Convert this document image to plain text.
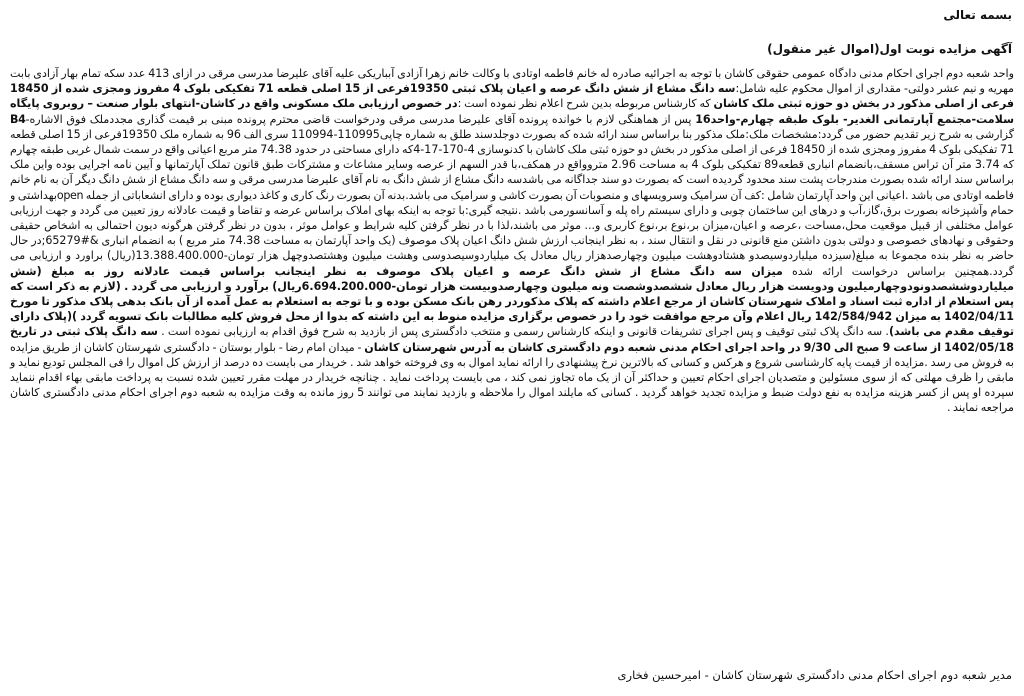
بسمه تعالی
آگهی مزایده نوبت اول(اموال غیر منقول)

واحد شعبه دوم اجرای احکام مدنی دادگاه عمومی حقوقی کاشان با توجه به اجرائیه صادره له خانم فاطمه اوتادی با وکالت خانم زهرا آزادی آبباریکی علیه آقای علیرضا مدرسی مرقی در ازای 413 عدد سکه تمام بهار آزادی بابت مهریه و نیم عشر دولتی- مقداری از اموال محکوم علیه شامل:سه دانگ مشاع از شش دانگ عرصه و اعیان پلاک ثبتی 19350فرعی از 15 اصلی قطعه 71 تفکیکی بلوک 4 مفروز ومجزی شده از 18450 فرعی از اصلی مذکور در بخش دو حوزه ثبتی ملک کاشان که کارشناس مربوطه بدین شرح اعلام نظر نموده است :در خصوص ارزیابی ملک مسکونی واقع در کاشان-انتهای بلوار صنعت – روبروی پایگاه سلامت-مجتمع آپارتمانی الغدیر- بلوک طبقه چهارم-واحد16 پس از هماهنگی لازم با خوانده پرونده آقای علیرضا مدرسی مرقی ودرخواست قاضی محترم پرونده مبنی بر قیمت گذاری مجددملک فوق الاشاره-B4 گزارشی به شرح زیر تقدیم حضور می گردد:مشخصات ملک:ملک مذکور بنا براساس سند ارائه شده که بصورت دوجلدسند طلق به شماره چاپی110995-110994 سری الف 96 به شماره ملک 19350فرعی از 15 اصلی قطعه 71 تفکیکی بلوک 4 مفروز ومجزی شده از 18450 فرعی از اصلی مذکور در بخش دو حوزه ثبتی ملک کاشان با کدنوسازی 4-170-17-4که دارای مساحتی در حدود 74.38 متر مربع اعیانی واقع در سمت شمال غربی طبقه چهارم که 3.74 متر آن تراس مسقف،بانضمام انباری قطعه89 تفکیکی بلوک 4 به مساحت 2.96 متروواقع در همکف،با قدر السهم از عرصه وسایر مشاعات و مشترکات طبق قانون تملک آپارتمانها و آیین نامه اجرایی بوده واین ملک براساس سند ارائه شده بصورت مندرجات پشت سند محدود گردیده است که بصورت دو سند جداگانه می باشدسه دانگ مشاع از شش دانگ به نام آقای علیرضا مدرسی مرقی و سه دانگ مشاع از شش دانگ دیگر آن به نام خانم فاطمه اوتادی می باشد .اعیانی این واحد آپارتمان شامل :کف آن سرامیک وسرویسهای و منصوبات آن بصورت کاشی و سرامیک می باشد.بدنه آن بصورت رنگ کاری و کاغذ دیواری بوده و دارای انشعاباتی از جمله openبهداشتی و حمام وآشپزخانه بصورت برق،گاز،آب و درهای این ساختمان چوبی و دارای سیستم راه پله و آسانسورمی باشد .نتیجه گیری:با توجه به اینکه بهای املاک براساس عرضه و تقاضا و قیمت عادلانه روز تعیین می گردد و جهت ارزیابی عوامل مختلفی از قبیل موقعیت محل،مساحت ،عرصه و اعیان،میزان بر،نوع بر،نوع کاربری و... موثر می باشند،لذا با در نظر گرفتن کلیه شرایط و عوامل موثر ، بدون در نظر گرفتن هرگونه دیون احتمالی به اشخاص حقیقی وحقوقی و نهادهای خصوصی و دولتی بدون داشتن منع قانونی در نقل و انتقال سند ، به نظر اینجانب ارزش شش دانگ اعیان پلاک موصوف (یک واحد آپارتمان به مساحت 74.38 متر مربع ) به انضمام انباری &#65279;در حال حاضر به نظر بنده مجموعا به مبلغ(سیزده میلیاردوسیصدو هشتادوهشت میلیون وچهارصدهزار ریال معادل یک میلیاردوسیصدوسی وهشت میلیون وهشتصدوچهل هزار تومان-13.388.400.000(ریال) براورد و ارزیابی می گردد.همچنین براساس درخواست ارائه شده میزان سه دانگ مشاع از شش دانگ عرصه و اعیان پلاک موصوف به نظر اینجانب براساس قیمت عادلانه روز به مبلغ (شش میلیاردوششصدونودوچهارمیلیون ودویست هزار ریال معادل ششصدوشصت ونه میلیون وچهارصدوبیست هزار تومان-6.694.200.000ریال) برآورد و ارزیابی می گردد . (لازم به ذکر است که پس استعلام از اداره ثبت اسناد و املاک شهرستان کاشان از مرجع اعلام داشته که پلاک مذکوردر رهن بانک مسکن بوده و با توجه به استعلام به عمل آمده از آن بانک بدهی پلاک مذکور تا مورخ 1402/04/11 به میزان 142/584/942 ریال اعلام وآن مرجع موافقت خود را در خصوص برگزاری مزایده منوط به این داشته که بدوا از محل فروش کلیه مطالبات بانک تسویه گردد )(پلاک دارای توقیف مقدم می باشد). سه دانگ پلاک ثبتی توقیف و پس اجرای تشریفات قانونی و اینکه کارشناس رسمی و منتخب دادگستری پس از بازدید به شرح فوق اقدام به ارزیابی نموده است . سه دانگ پلاک ثبتی در تاریخ 1402/05/18 از ساعت 9 صبح الی 9/30 در واحد اجرای احکام مدنی شعبه دوم دادگستری کاشان به آدرس شهرستان کاشان - میدان امام رضا - بلوار بوستان - دادگستری شهرستان کاشان از طریق مزایده به فروش می رسد .مزایده از قیمت پایه کارشناسی شروع و هرکس و کسانی که بالاترین نرخ پیشنهادی را ارائه نماید اموال به وی فروخته خواهد شد . خریدار می بایست ده درصد از ارزش کل اموال را فی المجلس تودیع نماید و مابقی را ظرف مهلتی که از سوی مسئولین و متصدیان اجرای احکام تعیین و حداکثر آن از یک ماه تجاوز نمی کند ، می بایست پرداخت نماید . چنانچه خریدار در مهلت مقرر تعیین شده نسبت به پرداخت مابقی بهاء اقدام ننماید سپرده او پس از کسر هزینه مزایده به نفع دولت ضبط و مزایده تجدید خواهد گردید . کسانی که مایلند اموال را ملاحظه و بازدید نمایند می توانند 5 روز مانده به وقت مزایده به شعبه دوم اجرای احکام مدنی دادگستری کاشان مراجعه نمایند .

مدیر شعبه دوم اجرای احکام مدنی دادگستری شهرستان کاشان - امیرحسین فخاری
